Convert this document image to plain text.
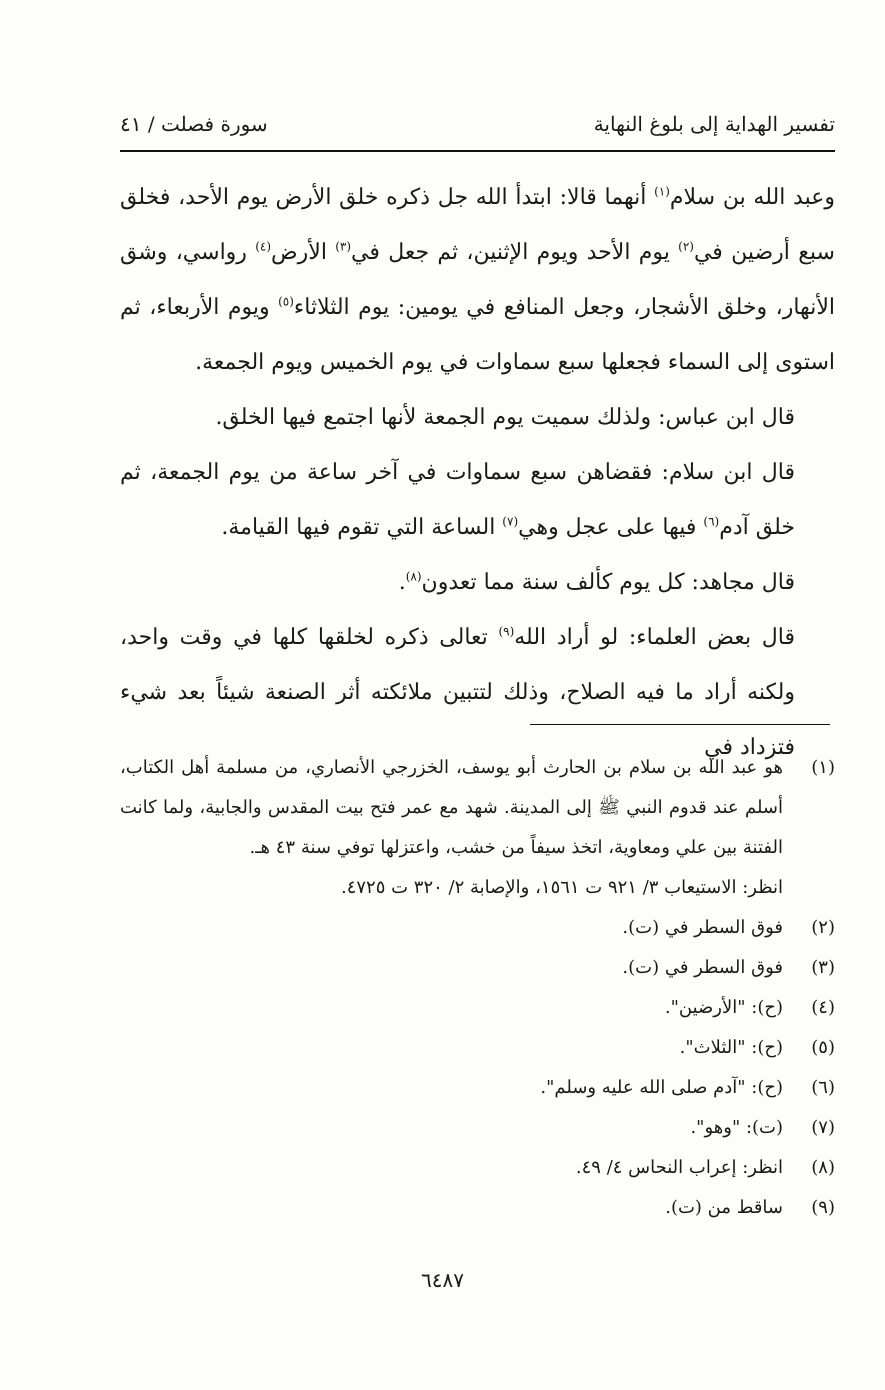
تفسير الهداية إلى بلوغ النهاية
سورة فصلت / ٤١

وعبد الله بن سلام$^{(١)}$ أنهما قالا: ابتدأ الله جل ذكره خلق الأرض يوم الأحد، فخلق سبع أرضين في$^{(٢)}$ يوم الأحد ويوم الإثنين، ثم جعل في$^{(٣)}$ الأرض$^{(٤)}$ رواسي، وشق الأنهار، وخلق الأشجار، وجعل المنافع في يومين: يوم الثلاثاء$^{(٥)}$ ويوم الأربعاء، ثم استوى إلى السماء فجعلها سبع سماوات في يوم الخميس ويوم الجمعة.

قال ابن عباس: ولذلك سميت يوم الجمعة لأنها اجتمع فيها الخلق.

قال ابن سلام: فقضاهن سبع سماوات في آخر ساعة من يوم الجمعة، ثم خلق آدم$^{(٦)}$ فيها على عجل وهي$^{(٧)}$ الساعة التي تقوم فيها القيامة.

قال مجاهد: كل يوم كألف سنة مما تعدون$^{(٨)}$.

قال بعض العلماء: لو أراد الله$^{(٩)}$ تعالى ذكره لخلقها كلها في وقت واحد، ولكنه أراد ما فيه الصلاح، وذلك لتتبين ملائكته أثر الصنعة شيئاً بعد شيء فتزداد في

(١)
هو عبد الله بن سلام بن الحارث أبو يوسف، الخزرجي الأنصاري، من مسلمة أهل الكتاب، أسلم عند قدوم النبي ﷺ إلى المدينة. شهد مع عمر فتح بيت المقدس والجابية، ولما كانت الفتنة بين علي ومعاوية، اتخذ سيفاً من خشب، واعتزلها توفي سنة ٤٣ هـ.
انظر: الاستيعاب ٣/ ٩٢١ ت ١٥٦١، والإصابة ٢/ ٣٢٠ ت ٤٧٢٥.
(٢)
فوق السطر في (ت).
(٣)
فوق السطر في (ت).
(٤)
(ح): "الأرضين".
(٥)
(ح): "الثلاث".
(٦)
(ح): "آدم صلى الله عليه وسلم".
(٧)
(ت): "وهو".
(٨)
انظر: إعراب النحاس ٤/ ٤٩.
(٩)
ساقط من (ت).
٦٤٨٧
